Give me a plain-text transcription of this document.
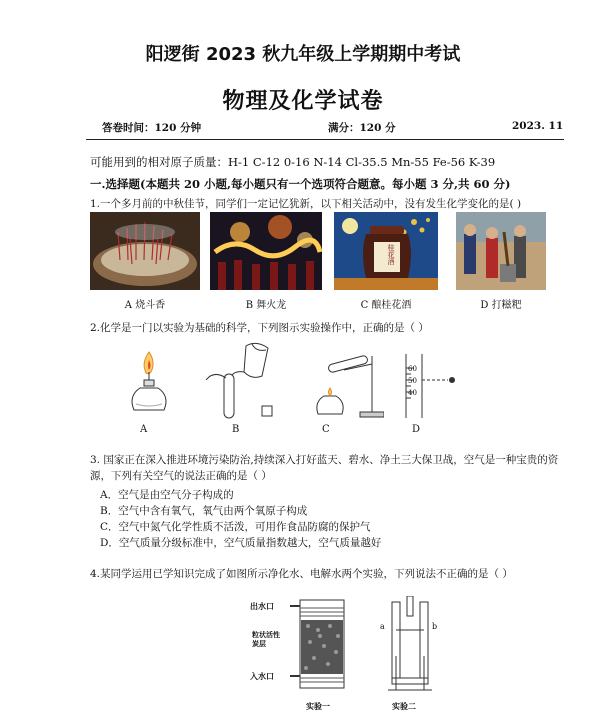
阳逻街 2023 秋九年级上学期期中考试
物理及化学试卷
答卷时间：120 分钟	满分：120 分	2023. 11
可能用到的相对原子质量：H-1 C-12 0-16 N-14 Cl-35.5 Mn-55 Fe-56 K-39
一.选择题(本题共 20 小题,每小题只有一个选项符合题意。每小题 3 分,共 60 分)
1.一个多月前的中秋佳节，同学们一定记忆犹新，以下相关活动中，没有发生化学变化的是( )
桂花酒
A 烧斗香	B 舞火龙	C 酿桂花酒	D 打糍粑
2.化学是一门以实验为基础的科学，下列图示实验操作中，正确的是（ ）
A	B	C
60
50
40
D
3. 国家正在深入推进环境污染防治,持续深入打好蓝天、碧水、净土三大保卫战，空气是一种宝贵的资
源，下列有关空气的说法正确的是（ ）
A．空气是由空气分子构成的
B．空气中含有氧气，氧气由两个氧原子构成
C．空气中氮气化学性质不活泼，可用作食品防腐的保护气
D．空气质量分级标准中，空气质量指数越大，空气质量越好
4.某同学运用已学知识完成了如图所示净化水、电解水两个实验，下列说法不正确的是（ ）
出水口
粒状活性炭层
入水口
实验一
a	b
实验二
